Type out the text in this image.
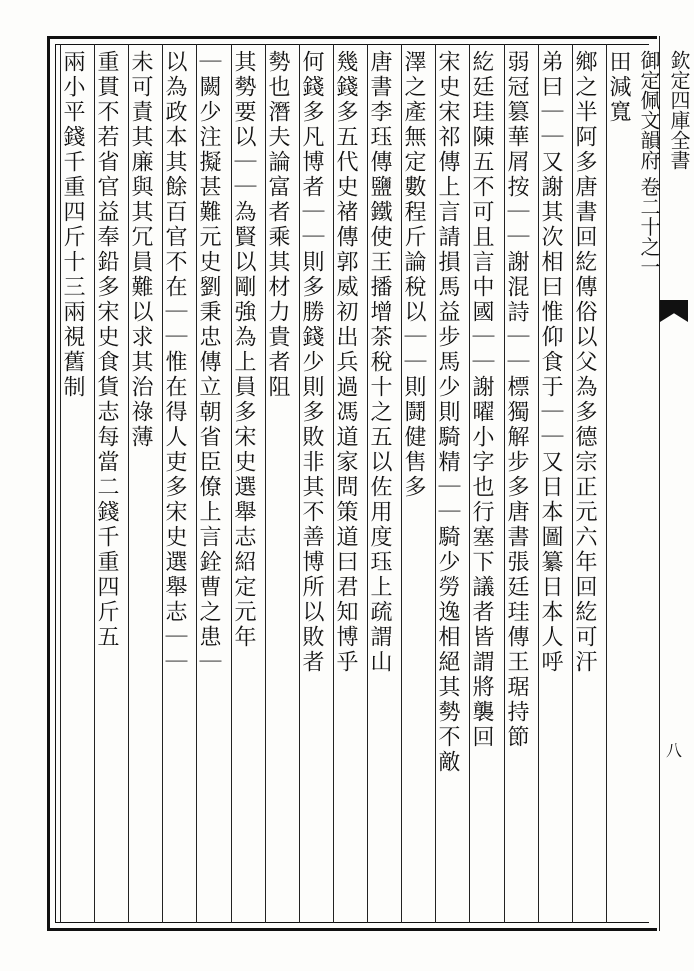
田減寬
鄉之半阿多唐書回紇傳俗以父為多德宗正元六年回紇可汗
弟曰｜｜又謝其次相曰惟仰食于｜｜又日本圖纂日本人呼
弱冠篡華屑按｜｜謝混詩｜｜標獨解步多唐書張廷珪傳王琚持節
紇廷珪陳五不可且言中國｜｜謝曜小字也行塞下議者皆謂將襲回
宋史宋祁傳上言請損馬益步馬少則騎精｜｜騎少勞逸相絕其勢不敵
澤之產無定數程斤論稅以｜｜則鬪健售多
唐書李珏傳鹽鐵使王播增茶稅十之五以佐用度珏上疏謂山
幾錢多五代史禇傳郭威初出兵過馮道家問策道曰君知博乎
何錢多凡博者｜｜則多勝錢少則多敗非其不善博所以敗者
勢也潛夫論富者乘其材力貴者阻
其勢要以｜｜為賢以剛強為上員多宋史選舉志紹定元年
｜闕少注擬甚難元史劉秉忠傳立朝省臣僚上言銓曹之患｜
以為政本其餘百官不在｜｜惟在得人吏多宋史選舉志｜｜
未可責其廉與其冗員難以求其治祿薄
重貫不若省官益奉鉛多宋史食貨志每當二錢千重四斤五
兩小平錢千重四斤十三兩視舊制	欽定四庫全書
御定佩文韻府 卷二十之一
八
